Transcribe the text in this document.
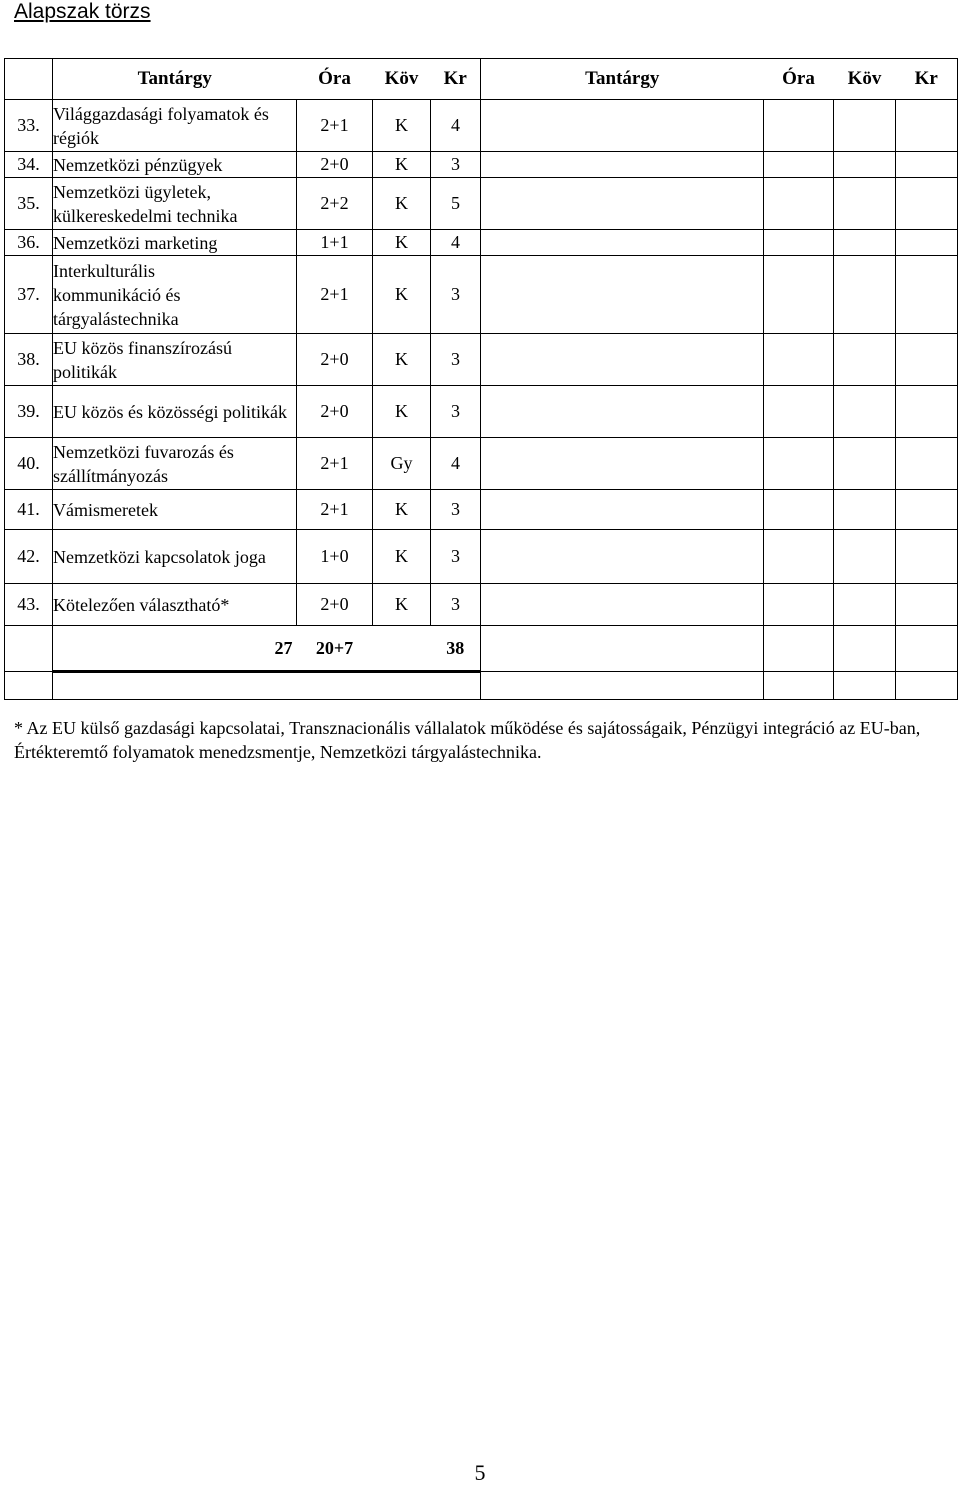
Alapszak törzs
	Tantárgy	Óra	Köv	Kr	Tantárgy	Óra	Köv	Kr
33.	Világgazdasági folyamatok és régiók	2+1	K	4				
34.	Nemzetközi pénzügyek	2+0	K	3				
35.	Nemzetközi ügyletek, külkereskedelmi technika	2+2	K	5				
36.	Nemzetközi marketing	1+1	K	4				
37.	Interkulturális kommunikáció és tárgyalástechnika	2+1	K	3				
38.	EU közös finanszírozású politikák	2+0	K	3				
39.	EU közös és közösségi politikák	2+0	K	3				
40.	Nemzetközi fuvarozás és szállítmányozás	2+1	Gy	4				
41.	Vámismeretek	2+1	K	3				
42.	Nemzetközi kapcsolatok joga	1+0	K	3				
43.	Kötelezően választható*	2+0	K	3				
	27	20+7		38				

* Az EU külső gazdasági kapcsolatai, Transznacionális vállalatok működése és sajátosságaik, Pénzügyi integráció az EU-ban, Értékteremtő folyamatok menedzsmentje, Nemzetközi tárgyalástechnika.
5
